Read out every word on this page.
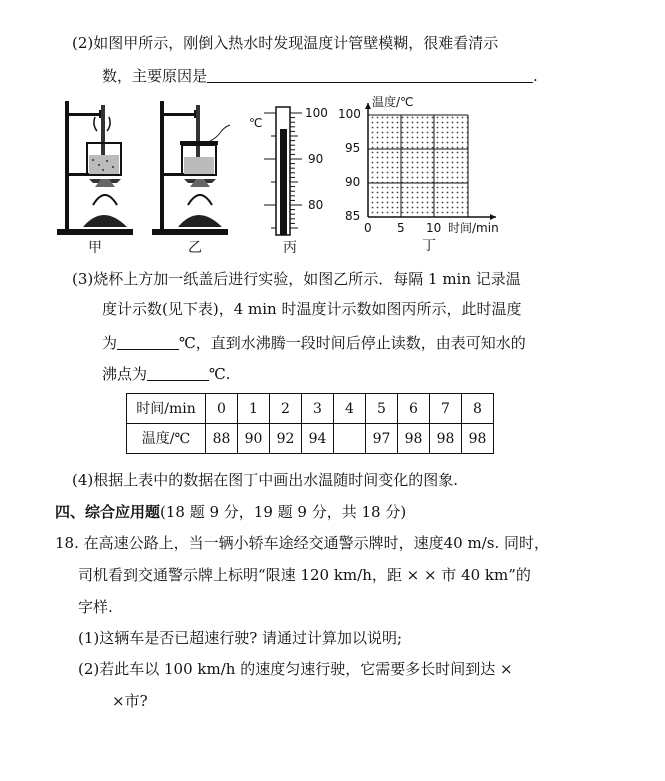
(2)如图甲所示，刚倒入热水时发现温度计管壁模糊，很难看清示
数，主要原因是	.
甲	乙
℃
100
90
80
丙
温度/℃
100
95
90
85
0 5 10 时间/min
丁
(3)烧杯上方加一纸盖后进行实验，如图乙所示．每隔 1 min 记录温
度计示数(见下表)，4 min 时温度计示数如图丙所示，此时温度
为	℃，直到水沸腾一段时间后停止读数，由表可知水的
沸点为	℃.
时间/min	0	1	2	3	4	5	6	7	8
温度/℃	88	90	92	94		97	98	98	98
(4)根据上表中的数据在图丁中画出水温随时间变化的图象.
四、综合应用题(18 题 9 分，19 题 9 分，共 18 分)
18. 在高速公路上，当一辆小轿车途经交通警示牌时，速度40 m/s. 同时，
司机看到交通警示牌上标明“限速 120 km/h，距 × × 市 40 km”的
字样.
(1)这辆车是否已超速行驶? 请通过计算加以说明;
(2)若此车以 100 km/h 的速度匀速行驶，它需要多长时间到达 ×
×市?
